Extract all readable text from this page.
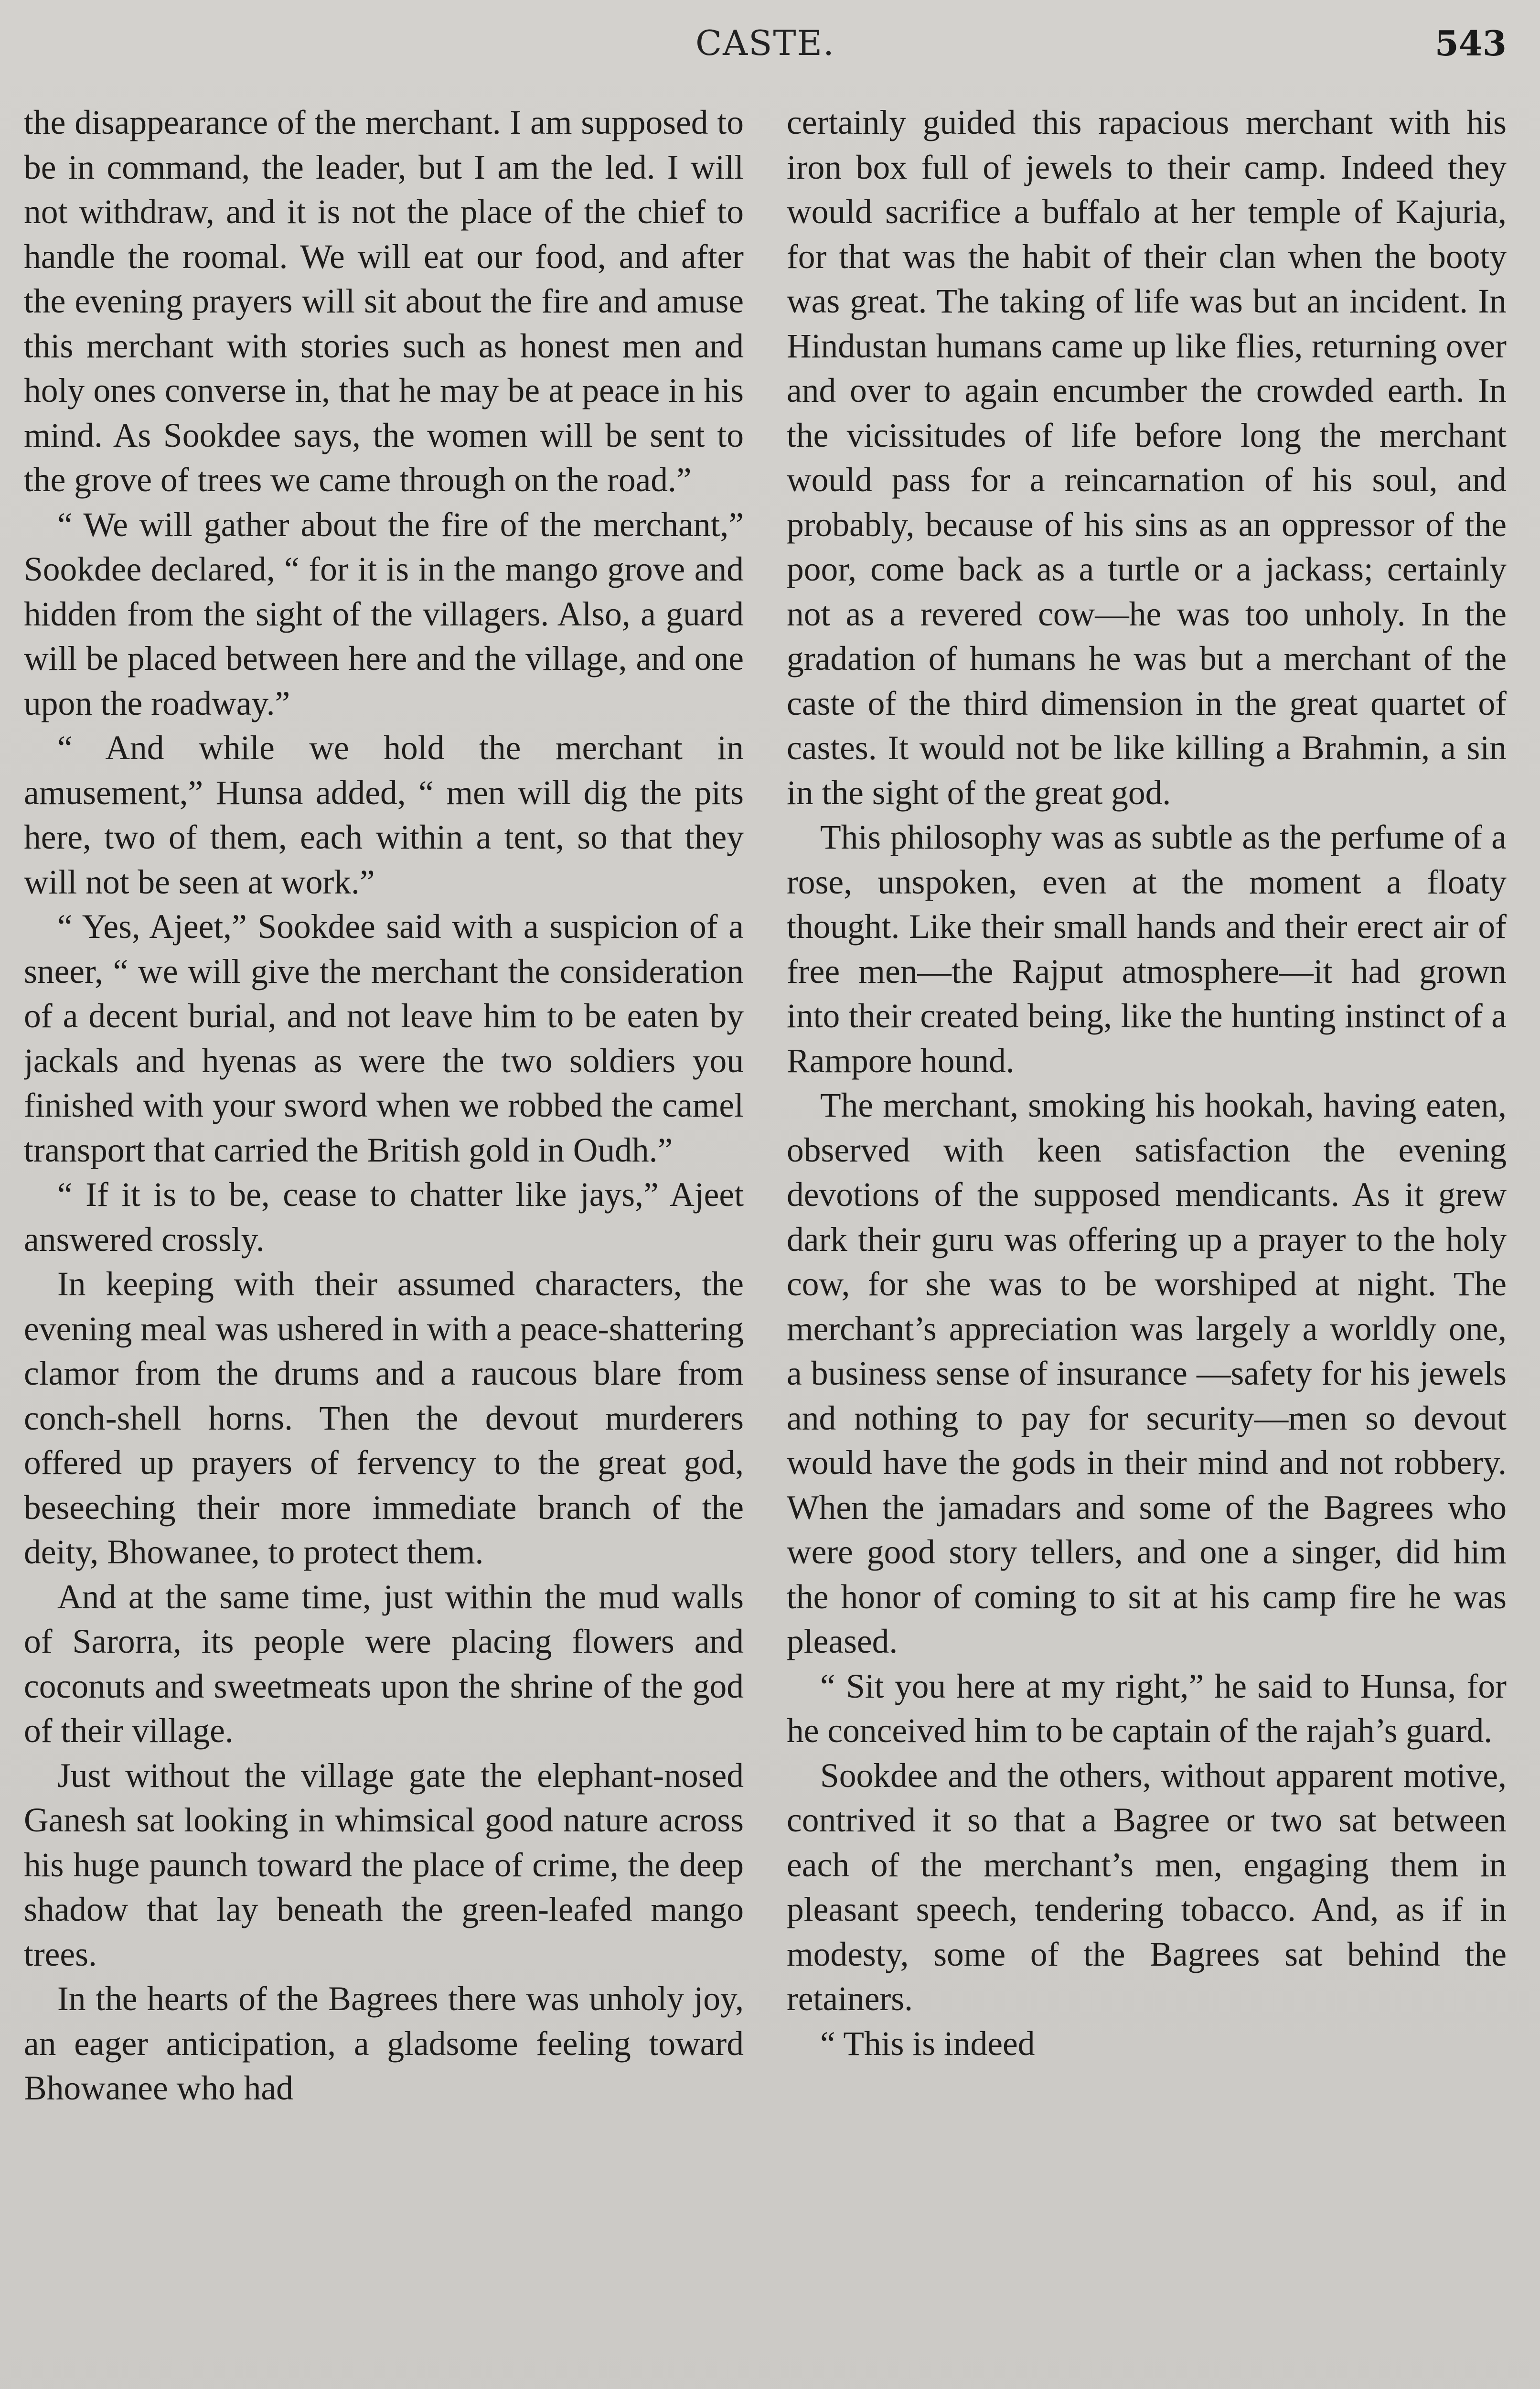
CASTE.	543

the disappearance of the merchant. I am supposed to be in command, the leader, but I am the led. I will not withdraw, and it is not the place of the chief to handle the roomal. We will eat our food, and after the evening prayers will sit about the fire and amuse this merchant with stories such as honest men and holy ones converse in, that he may be at peace in his mind. As Sookdee says, the women will be sent to the grove of trees we came through on the road.”

“ We will gather about the fire of the merchant,” Sookdee declared, “ for it is in the mango grove and hidden from the sight of the villagers. Also, a guard will be placed between here and the village, and one upon the roadway.”

“ And while we hold the merchant in amusement,” Hunsa added, “ men will dig the pits here, two of them, each within a tent, so that they will not be seen at work.”

“ Yes, Ajeet,” Sookdee said with a suspicion of a sneer, “ we will give the merchant the consideration of a decent burial, and not leave him to be eaten by jackals and hyenas as were the two soldiers you finished with your sword when we robbed the camel transport that carried the British gold in Oudh.”

“ If it is to be, cease to chatter like jays,” Ajeet answered crossly.

In keeping with their assumed characters, the evening meal was ushered in with a peace-shattering clamor from the drums and a raucous blare from conch-shell horns. Then the devout murderers offered up prayers of fervency to the great god, beseeching their more immediate branch of the deity, Bhowanee, to protect them.

And at the same time, just within the mud walls of Sarorra, its people were placing flowers and coconuts and sweetmeats upon the shrine of the god of their village.

Just without the village gate the elephant-nosed Ganesh sat looking in whimsical good nature across his huge paunch toward the place of crime, the deep shadow that lay beneath the green-leafed mango trees.

In the hearts of the Bagrees there was unholy joy, an eager anticipation, a gladsome feeling toward Bhowanee who had

certainly guided this rapacious merchant with his iron box full of jewels to their camp. Indeed they would sacrifice a buffalo at her temple of Kajuria, for that was the habit of their clan when the booty was great. The taking of life was but an incident. In Hindustan humans came up like flies, returning over and over to again encumber the crowded earth. In the vicissitudes of life before long the merchant would pass for a reincarnation of his soul, and probably, because of his sins as an oppressor of the poor, come back as a turtle or a jackass; certainly not as a revered cow—he was too unholy. In the gradation of humans he was but a merchant of the caste of the third dimension in the great quartet of castes. It would not be like killing a Brahmin, a sin in the sight of the great god.

This philosophy was as subtle as the perfume of a rose, unspoken, even at the moment a floaty thought. Like their small hands and their erect air of free men—the Rajput atmosphere—it had grown into their created being, like the hunting instinct of a Rampore hound.

The merchant, smoking his hookah, having eaten, observed with keen satisfaction the evening devotions of the supposed mendicants. As it grew dark their guru was offering up a prayer to the holy cow, for she was to be worshiped at night. The merchant’s appreciation was largely a worldly one, a business sense of insurance —safety for his jewels and nothing to pay for security—men so devout would have the gods in their mind and not robbery. When the jamadars and some of the Bagrees who were good story tellers, and one a singer, did him the honor of coming to sit at his camp fire he was pleased.

“ Sit you here at my right,” he said to Hunsa, for he conceived him to be captain of the rajah’s guard.

Sookdee and the others, without apparent motive, contrived it so that a Bagree or two sat between each of the merchant’s men, engaging them in pleasant speech, tendering tobacco. And, as if in modesty, some of the Bagrees sat behind the retainers.

“ This is indeed
